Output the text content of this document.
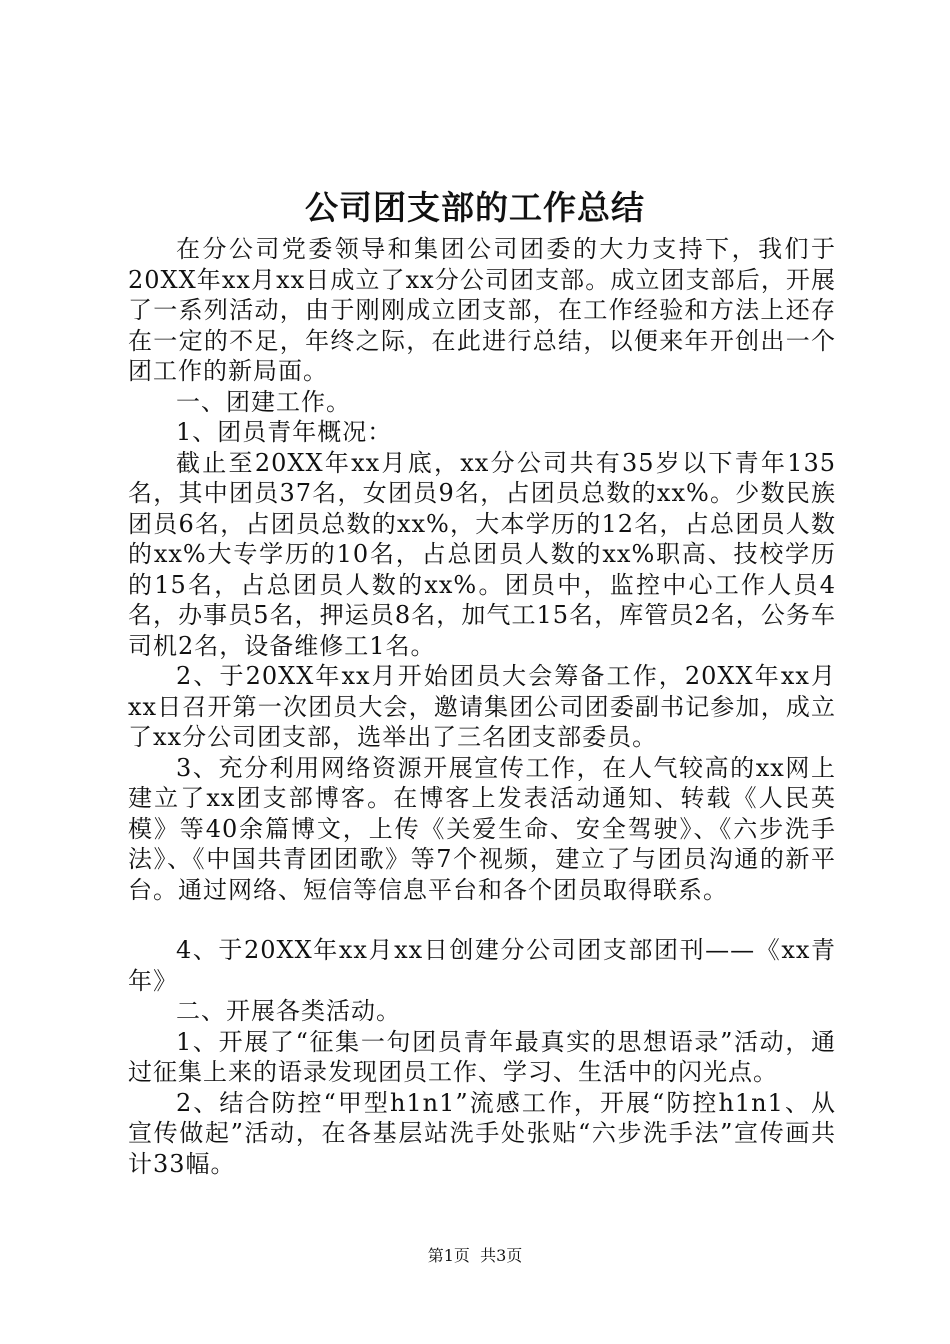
公司团支部的工作总结

在分公司党委领导和集团公司团委的大力支持下，我们于20XX年xx月xx日成立了xx分公司团支部。成立团支部后，开展了一系列活动，由于刚刚成立团支部，在工作经验和方法上还存在一定的不足，年终之际，在此进行总结，以便来年开创出一个团工作的新局面。

一、团建工作。

1、团员青年概况：

截止至20XX年xx月底，xx分公司共有35岁以下青年135名，其中团员37名，女团员9名，占团员总数的xx%。少数民族团员6名，占团员总数的xx%，大本学历的12名，占总团员人数的xx%大专学历的10名，占总团员人数的xx%职高、技校学历的15名，占总团员人数的xx%。团员中，监控中心工作人员4名，办事员5名，押运员8名，加气工15名，库管员2名，公务车司机2名，设备维修工1名。

2、于20XX年xx月开始团员大会筹备工作，20XX年xx月xx日召开第一次团员大会，邀请集团公司团委副书记参加，成立了xx分公司团支部，选举出了三名团支部委员。

3、充分利用网络资源开展宣传工作，在人气较高的xx网上建立了xx团支部博客。在博客上发表活动通知、转载《人民英模》等40余篇博文，上传《关爱生命、安全驾驶》、《六步洗手法》、《中国共青团团歌》等7个视频，建立了与团员沟通的新平台。通过网络、短信等信息平台和各个团员取得联系。

4、于20XX年xx月xx日创建分公司团支部团刊——《xx青年》

二、开展各类活动。

1、开展了“征集一句团员青年最真实的思想语录”活动，通过征集上来的语录发现团员工作、学习、生活中的闪光点。

2、结合防控“甲型h1n1”流感工作，开展“防控h1n1、从宣传做起”活动，在各基层站洗手处张贴“六步洗手法”宣传画共计33幅。

第1页  共3页
